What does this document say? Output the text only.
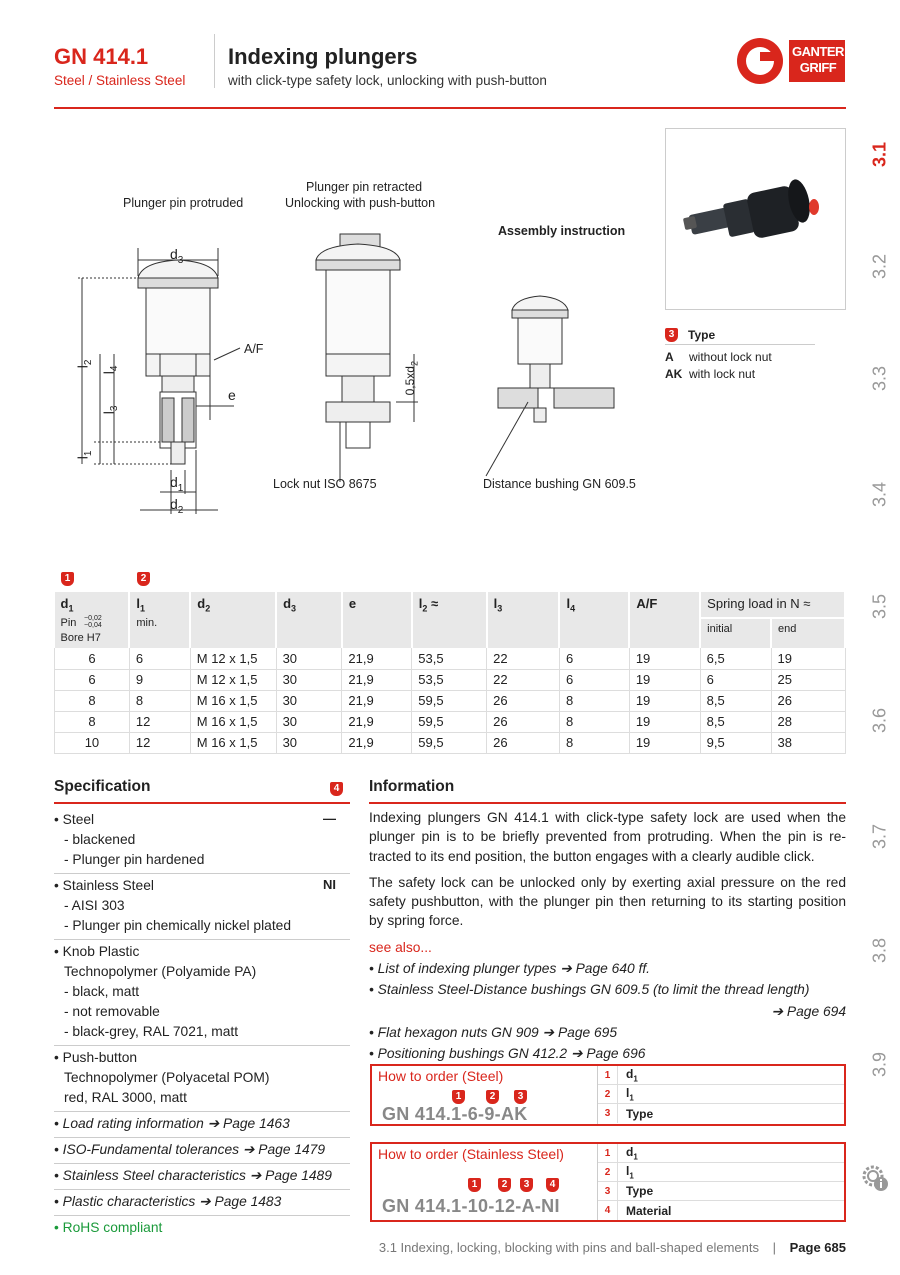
GN 414.1
Steel / Stainless Steel
Indexing plungers
with click-type safety lock, unlocking with push-button
GANTER
GRIFF
3.1
3.2
3.3
3.4
3.5
3.6
3.7
3.8
3.9
Plunger pin protruded
Plunger pin retracted
Unlocking with push-button
Assembly instruction
Lock nut ISO 8675	Distance bushing GN 609.5
$d_3$
A/F
e
$d_1$
$d_2$
$l_2$
$l_4$
$l_3$
$l_1$
$0,5xd_2$
3	Type
A	without lock nut
AK with lock nut
1	2
$d_1$
Pin −0,02
−0,04
Bore H7	$l_1$
min.	$d_2$	$d_3$	e	$l_2$ ≈	$l_3$	$l_4$	A/F	Spring load in N ≈	
									initial	end
6	6	M 12 x 1,5	30	21,9	53,5	22	6	19	6,5	19
6	9	M 12 x 1,5	30	21,9	53,5	22	6	19	6	25
8	8	M 16 x 1,5	30	21,9	59,5	26	8	19	8,5	26
8	12	M 16 x 1,5	30	21,9	59,5	26	8	19	8,5	28
10	12	M 16 x 1,5	30	21,9	59,5	26	8	19	9,5	38
Specification	4
• Steel
- blackened
- Plunger pin hardened
—
• Stainless Steel
- AISI 303
- Plunger pin chemically nickel plated
NI
• Knob Plastic
Technopolymer (Polyamide PA)
- black, matt
- not removable
- black-grey, RAL 7021, matt
• Push-button
Technopolymer (Polyacetal POM)
red, RAL 3000, matt
• Load rating information ➔ Page 1463
• ISO-Fundamental tolerances ➔ Page 1479
• Stainless Steel characteristics ➔ Page 1489
• Plastic characteristics ➔ Page 1483
• RoHS compliant
Information

Indexing plungers GN 414.1 with click-type safety lock are used when the plunger pin is to be briefly prevented from protruding. When the pin is re-tracted to its end position, the button engages with a clearly audible click.

The safety lock can be unlocked only by exerting axial pressure on the red safety pushbutton, with the plunger pin then returning to its starting position by spring force.

see also...
• List of indexing plunger types ➔ Page 640 ff.
• Stainless Steel-Distance bushings GN 609.5 (to limit the thread length)
➔ Page 694
• Flat hexagon nuts GN 909 ➔ Page 695
• Positioning bushings GN 412.2 ➔ Page 696
How to order (Steel)
1	2	3
GN 414.1-6-9-AK
1	$d_1$
2	$l_1$
3	Type
How to order (Stainless Steel)
1	2	3	4
GN 414.1-10-12-A-NI
1	$d_1$
2	$l_1$
3	Type
4	Material
3.1 Indexing, locking, blocking with pins and ball-shaped elements | Page 685
